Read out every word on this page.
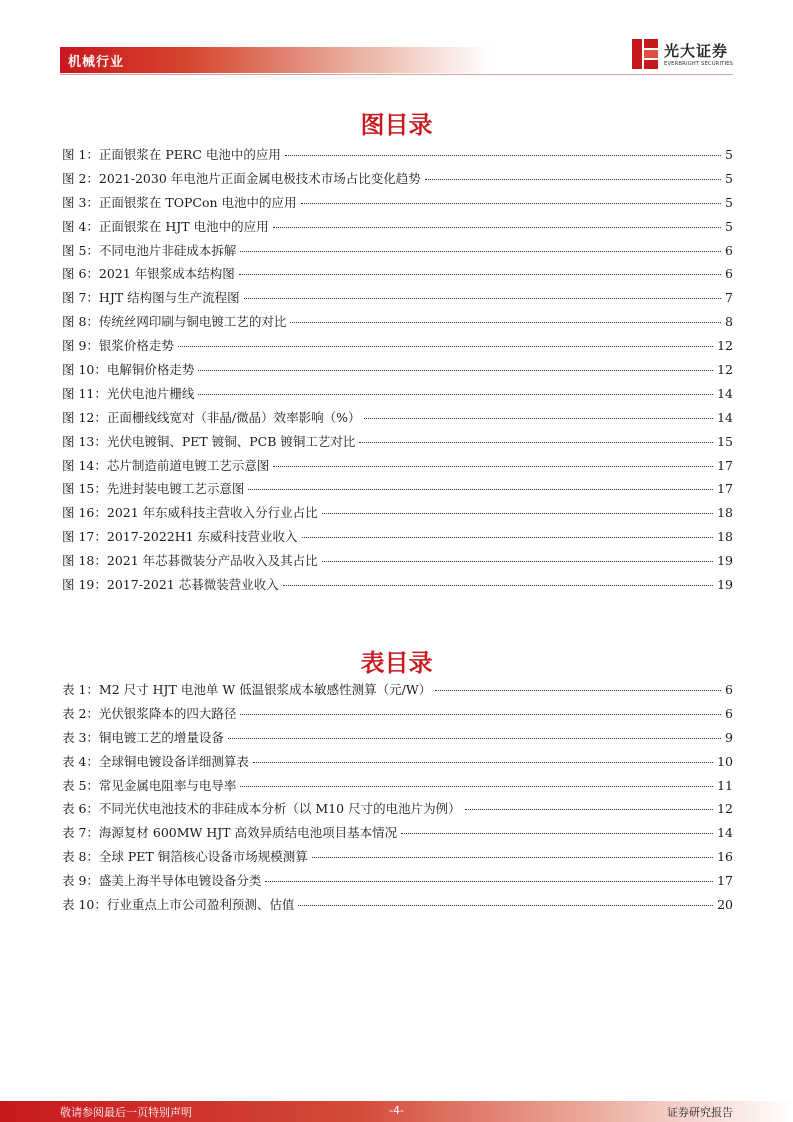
机械行业
光大证券
EVERBRIGHT SECURITIES
图目录
图 1：正面银浆在 PERC 电池中的应用	5
图 2：2021-2030 年电池片正面金属电极技术市场占比变化趋势	5
图 3：正面银浆在 TOPCon 电池中的应用	5
图 4：正面银浆在 HJT 电池中的应用	5
图 5：不同电池片非硅成本拆解	6
图 6：2021 年银浆成本结构图	6
图 7：HJT 结构图与生产流程图	7
图 8：传统丝网印刷与铜电镀工艺的对比	8
图 9：银浆价格走势	12
图 10：电解铜价格走势	12
图 11：光伏电池片栅线	14
图 12：正面栅线线宽对（非晶/微晶）效率影响（%）	14
图 13：光伏电镀铜、PET 镀铜、PCB 镀铜工艺对比	15
图 14：芯片制造前道电镀工艺示意图	17
图 15：先进封装电镀工艺示意图	17
图 16：2021 年东威科技主营收入分行业占比	18
图 17：2017-2022H1 东威科技营业收入	18
图 18：2021 年芯碁微装分产品收入及其占比	19
图 19：2017-2021 芯碁微装营业收入	19
表目录
表 1：M2 尺寸 HJT 电池单 W 低温银浆成本敏感性测算（元/W）	6
表 2：光伏银浆降本的四大路径	6
表 3：铜电镀工艺的增量设备	9
表 4：全球铜电镀设备详细测算表	10
表 5：常见金属电阻率与电导率	11
表 6：不同光伏电池技术的非硅成本分析（以 M10 尺寸的电池片为例）	12
表 7：海源复材 600MW HJT 高效异质结电池项目基本情况	14
表 8：全球 PET 铜箔核心设备市场规模测算	16
表 9：盛美上海半导体电镀设备分类	17
表 10：行业重点上市公司盈利预测、估值	20
敬请参阅最后一页特别声明	-4-	证券研究报告
